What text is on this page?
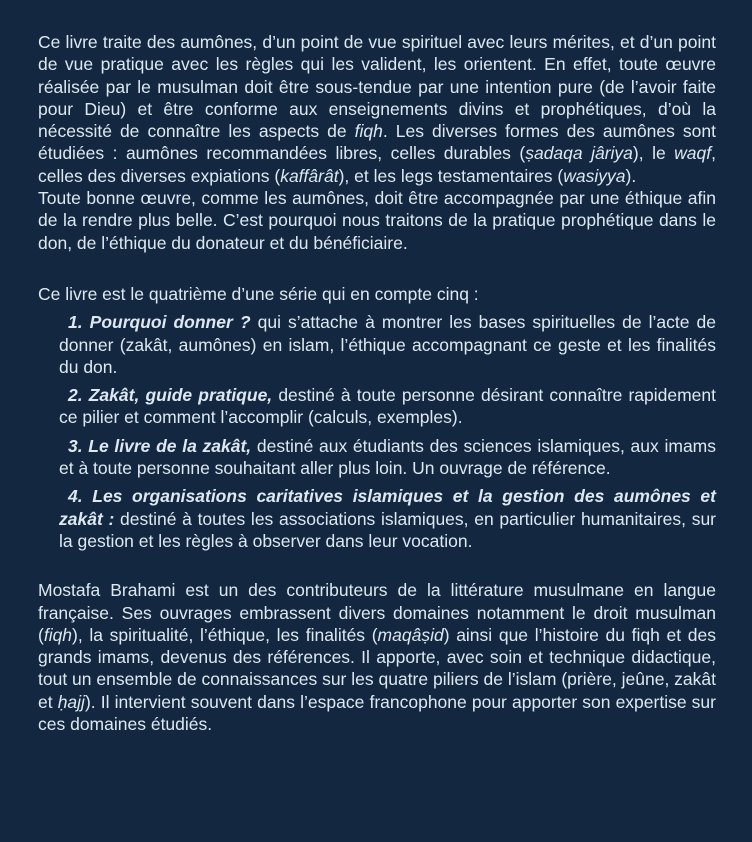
Ce livre traite des aumônes, d’un point de vue spirituel avec leurs mérites, et d’un point de vue pratique avec les règles qui les valident, les orientent. En effet, toute œuvre réalisée par le musulman doit être sous-tendue par une intention pure (de l’avoir faite pour Dieu) et être conforme aux enseignements divins et prophétiques, d’où la nécessité de connaître les aspects de fiqh. Les diverses formes des aumônes sont étudiées : aumônes recommandées libres, celles durables (ṣadaqa jâriya), le waqf, celles des diverses expiations (kaffârât), et les legs testamentaires (wasiyya).

Toute bonne œuvre, comme les aumônes, doit être accompagnée par une éthique afin de la rendre plus belle. C’est pourquoi nous traitons de la pratique prophétique dans le don, de l’éthique du donateur et du bénéficiaire.

Ce livre est le quatrième d’une série qui en compte cinq :

1. Pourquoi donner ? qui s’attache à montrer les bases spirituelles de l’acte de donner (zakât, aumônes) en islam, l’éthique accompagnant ce geste et les finalités du don.

2. Zakât, guide pratique, destiné à toute personne désirant connaître rapidement ce pilier et comment l’accomplir (calculs, exemples).

3. Le livre de la zakât, destiné aux étudiants des sciences islamiques, aux imams et à toute personne souhaitant aller plus loin. Un ouvrage de référence.

4. Les organisations caritatives islamiques et la gestion des aumônes et zakât : destiné à toutes les associations islamiques, en particulier humanitaires, sur la gestion et les règles à observer dans leur vocation.

Mostafa Brahami est un des contributeurs de la littérature musulmane en langue française. Ses ouvrages embrassent divers domaines notamment le droit musulman (fiqh), la spiritualité, l’éthique, les finalités (maqâṣid) ainsi que l’histoire du fiqh et des grands imams, devenus des références. Il apporte, avec soin et technique didactique, tout un ensemble de connaissances sur les quatre piliers de l’islam (prière, jeûne, zakât et ḥajj). Il intervient souvent dans l’espace francophone pour apporter son expertise sur ces domaines étudiés.
